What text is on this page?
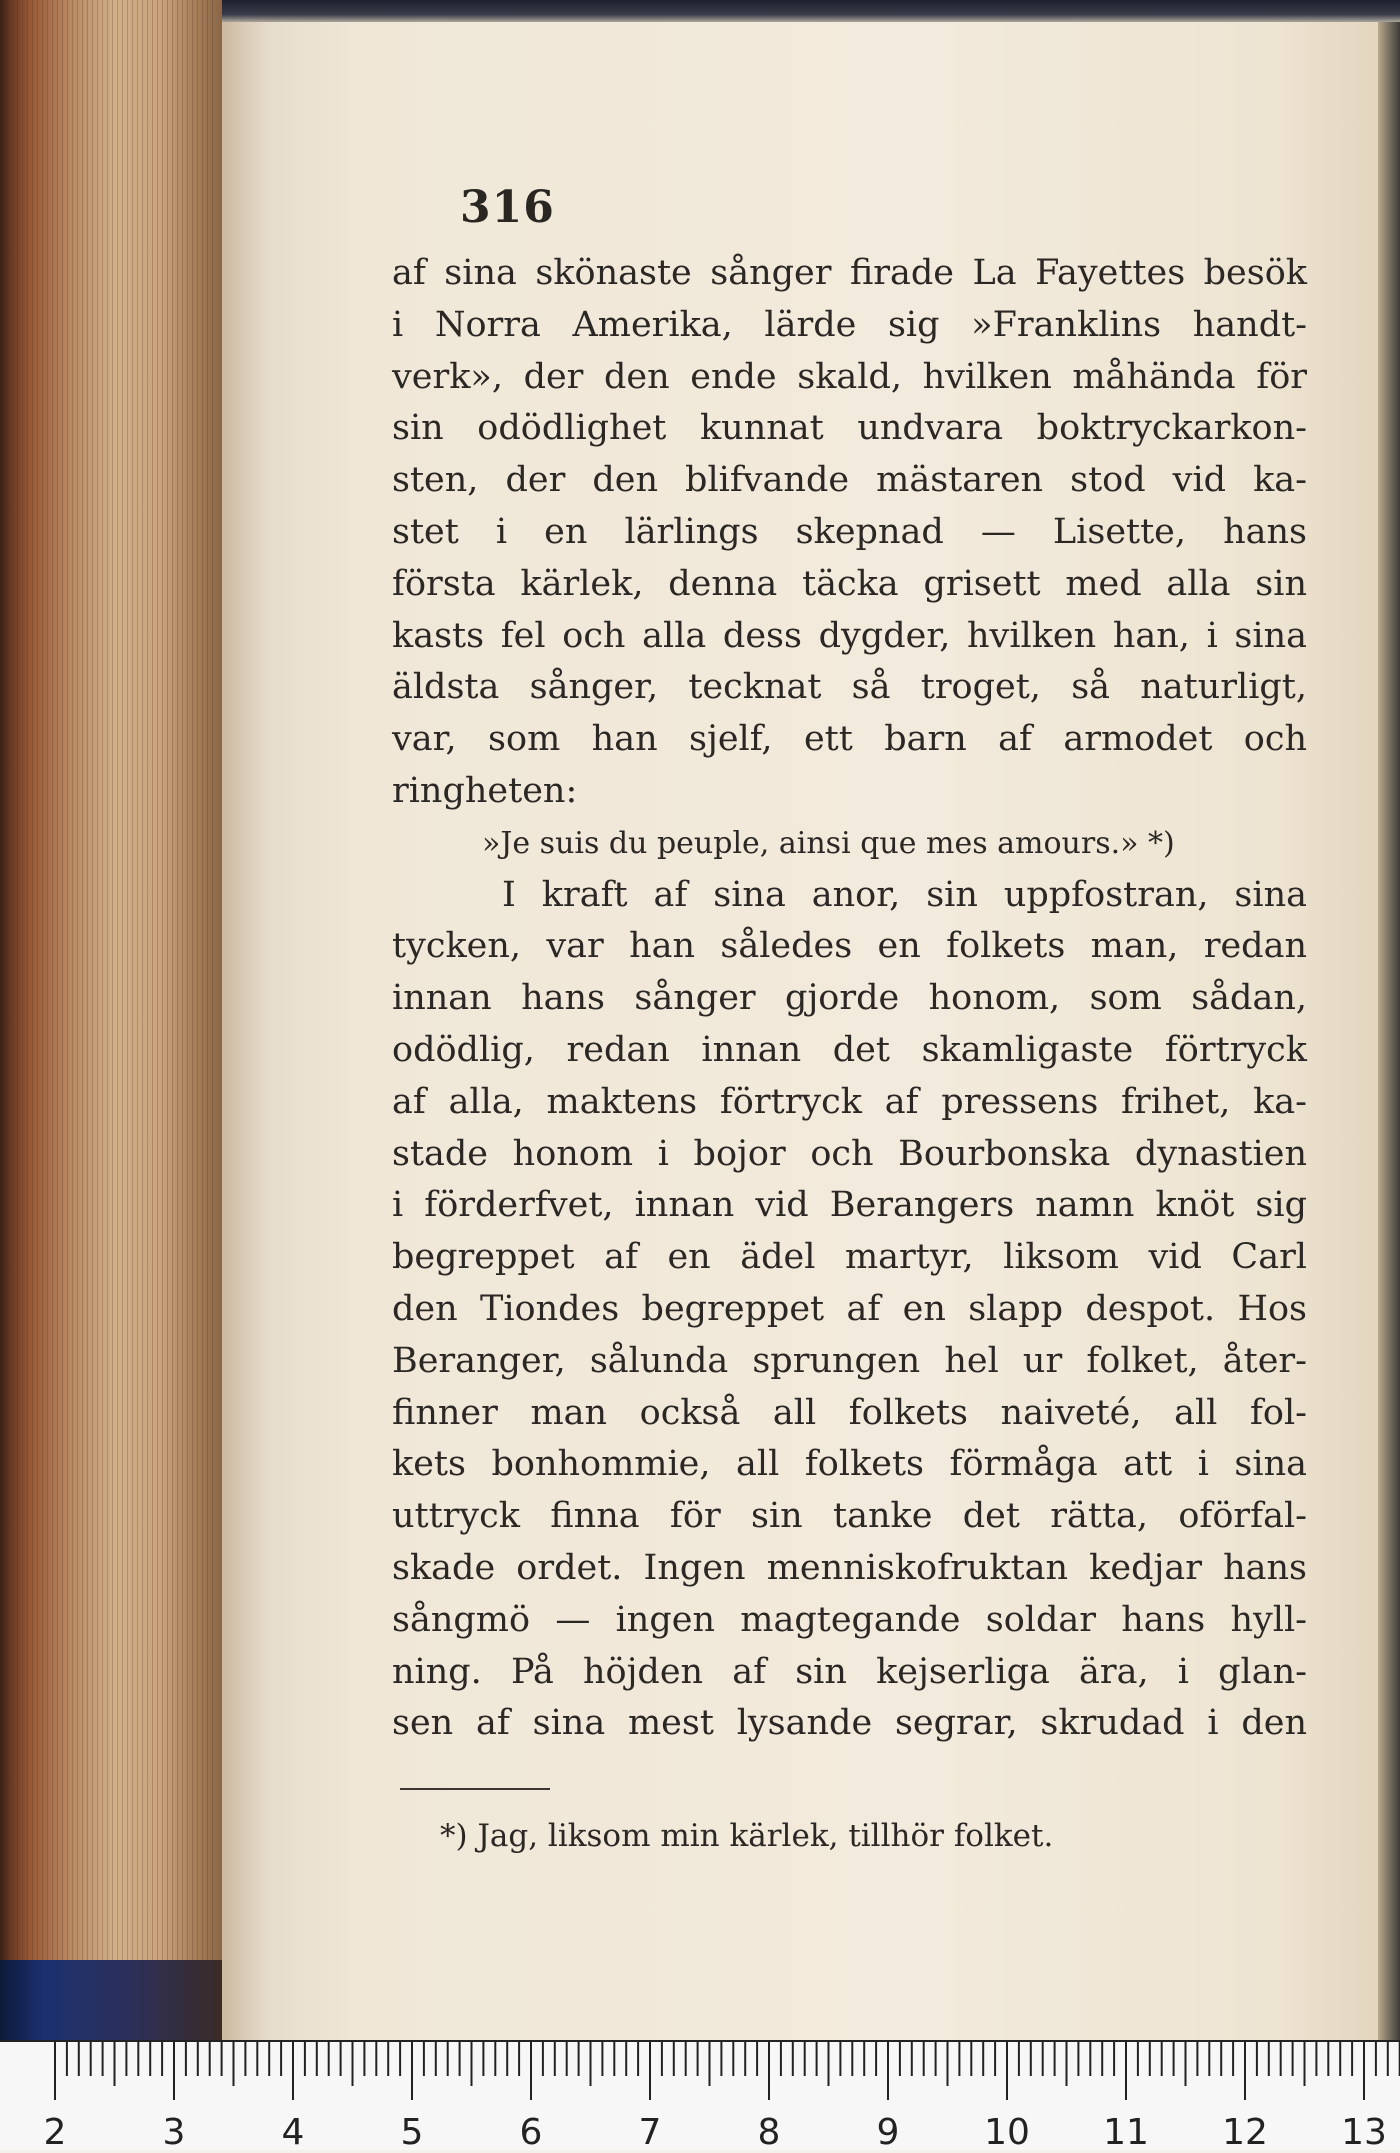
316
af sina skönaste sånger firade La Fayettes besök
i Norra Amerika, lärde sig »Franklins handt-
verk», der den ende skald, hvilken måhända för
sin odödlighet kunnat undvara boktryckarkon-
sten, der den blifvande mästaren stod vid ka-
stet i en lärlings skepnad — Lisette, hans
första kärlek, denna täcka grisett med alla sin
kasts fel och alla dess dygder, hvilken han, i sina
äldsta sånger, tecknat så troget, så naturligt,
var, som han sjelf, ett barn af armodet och
ringheten:
»Je suis du peuple, ainsi que mes amours.» *)
I kraft af sina anor, sin uppfostran, sina
tycken, var han således en folkets man, redan
innan hans sånger gjorde honom, som sådan,
odödlig, redan innan det skamligaste förtryck
af alla, maktens förtryck af pressens frihet, ka-
stade honom i bojor och Bourbonska dynastien
i förderfvet, innan vid Berangers namn knöt sig
begreppet af en ädel martyr, liksom vid Carl
den Tiondes begreppet af en slapp despot. Hos
Beranger, sålunda sprungen hel ur folket, åter-
finner man också all folkets naiveté, all fol-
kets bonhommie, all folkets förmåga att i sina
uttryck finna för sin tanke det rätta, oförfal-
skade ordet. Ingen menniskofruktan kedjar hans
sångmö — ingen magtegande soldar hans hyll-
ning. På höjden af sin kejserliga ära, i glan-
sen af sina mest lysande segrar, skrudad i den
*) Jag, liksom min kärlek, tillhör folket.
2	3	4	5	6	7	8	9	10 11 12 13
